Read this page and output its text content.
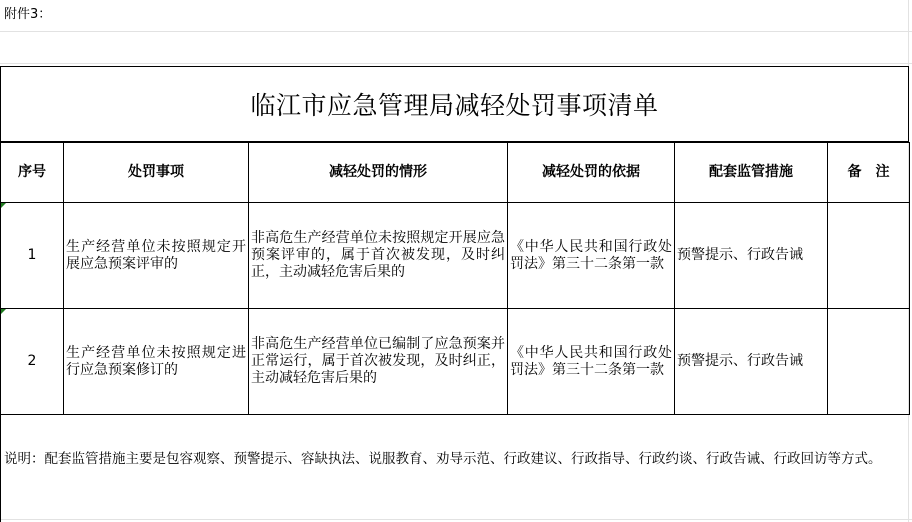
附件3：
临江市应急管理局减轻处罚事项清单
序号	处罚事项	减轻处罚的情形	减轻处罚的依据	配套监管措施	备　注
1	生产经营单位未按照规定开展应急预案评审的	非高危生产经营单位未按照规定开展应急预案评审的，属于首次被发现，及时纠正，主动减轻危害后果的	《中华人民共和国行政处罚法》第三十二条第一款	预警提示、行政告诫	
2	生产经营单位未按照规定进行应急预案修订的	非高危生产经营单位已编制了应急预案并正常运行，属于首次被发现，及时纠正，主动减轻危害后果的	《中华人民共和国行政处罚法》第三十二条第一款	预警提示、行政告诫	
说明：配套监管措施主要是包容观察、预警提示、容缺执法、说服教育、劝导示范、行政建议、行政指导、行政约谈、行政告诫、行政回访等方式。
